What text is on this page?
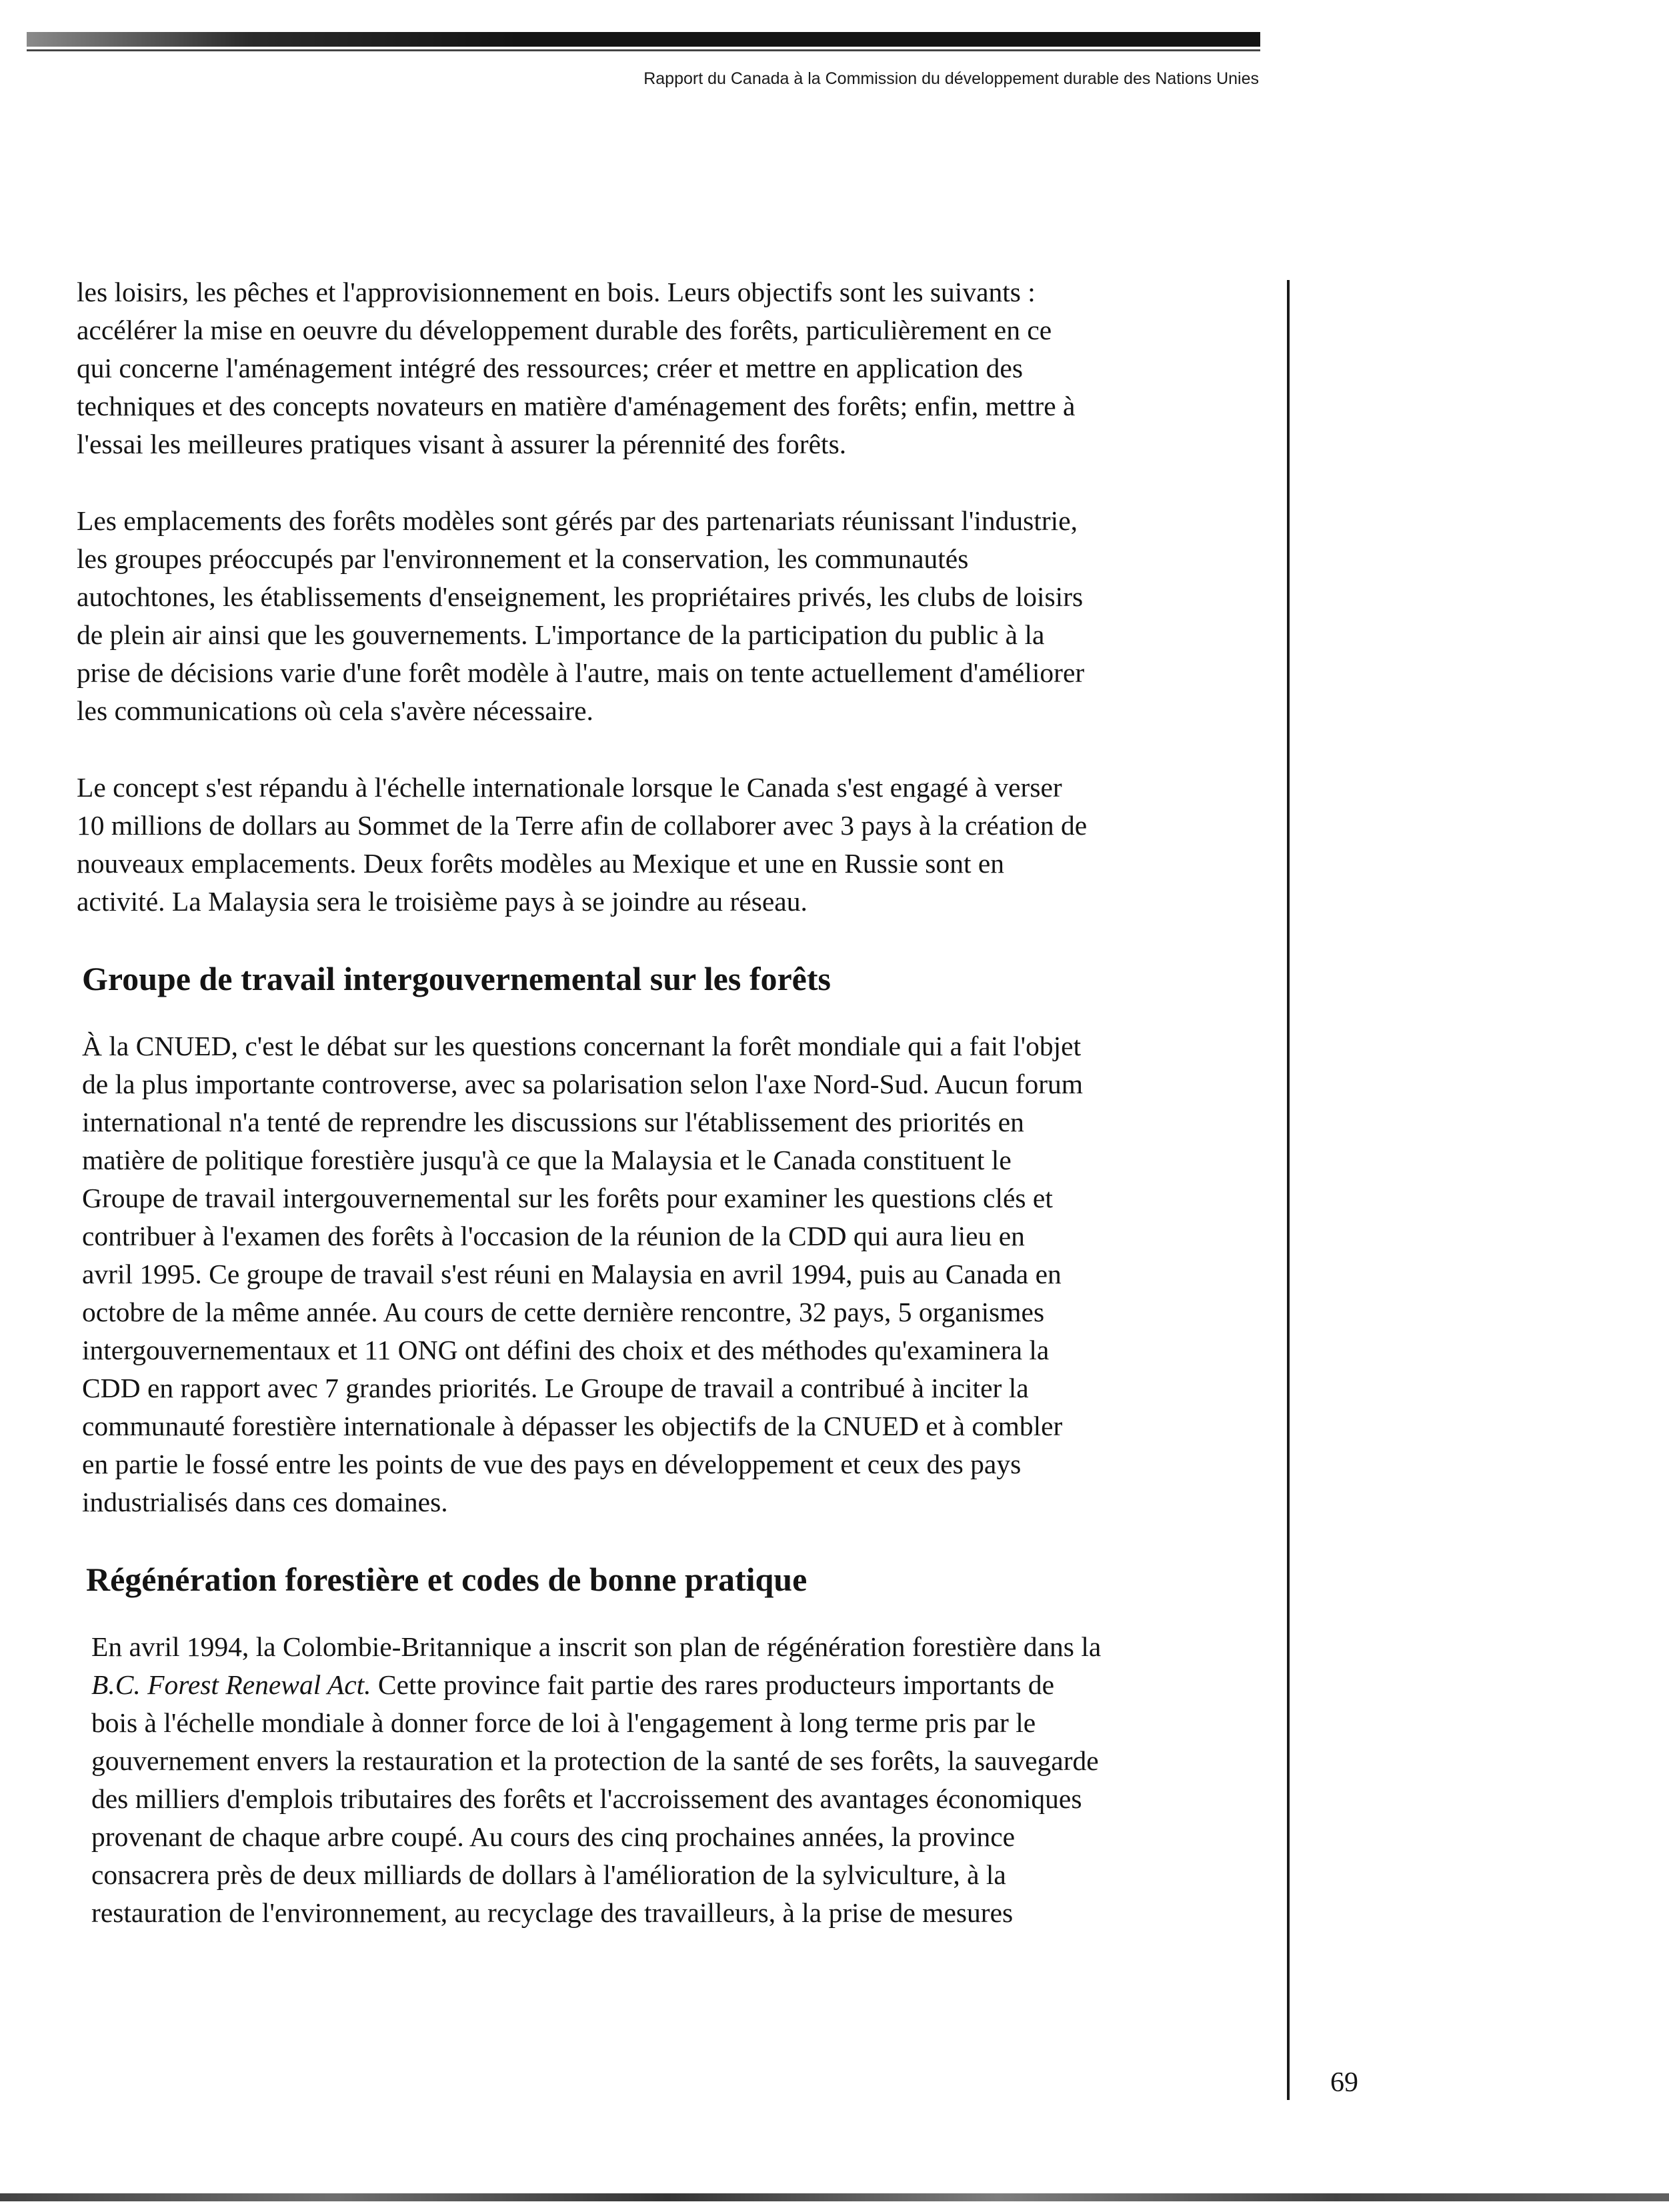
Rapport du Canada à la Commission du développement durable des Nations Unies
les loisirs, les pêches et l'approvisionnement en bois. Leurs objectifs sont les suivants :
accélérer la mise en oeuvre du développement durable des forêts, particulièrement en ce
qui concerne l'aménagement intégré des ressources; créer et mettre en application des
techniques et des concepts novateurs en matière d'aménagement des forêts; enfin, mettre à
l'essai les meilleures pratiques visant à assurer la pérennité des forêts.
Les emplacements des forêts modèles sont gérés par des partenariats réunissant l'industrie,
les groupes préoccupés par l'environnement et la conservation, les communautés
autochtones, les établissements d'enseignement, les propriétaires privés, les clubs de loisirs
de plein air ainsi que les gouvernements. L'importance de la participation du public à la
prise de décisions varie d'une forêt modèle à l'autre, mais on tente actuellement d'améliorer
les communications où cela s'avère nécessaire.
Le concept s'est répandu à l'échelle internationale lorsque le Canada s'est engagé à verser
10 millions de dollars au Sommet de la Terre afin de collaborer avec 3 pays à la création de
nouveaux emplacements. Deux forêts modèles au Mexique et une en Russie sont en
activité. La Malaysia sera le troisième pays à se joindre au réseau.
Groupe de travail intergouvernemental sur les forêts
À la CNUED, c'est le débat sur les questions concernant la forêt mondiale qui a fait l'objet
de la plus importante controverse, avec sa polarisation selon l'axe Nord-Sud. Aucun forum
international n'a tenté de reprendre les discussions sur l'établissement des priorités en
matière de politique forestière jusqu'à ce que la Malaysia et le Canada constituent le
Groupe de travail intergouvernemental sur les forêts pour examiner les questions clés et
contribuer à l'examen des forêts à l'occasion de la réunion de la CDD qui aura lieu en
avril 1995. Ce groupe de travail s'est réuni en Malaysia en avril 1994, puis au Canada en
octobre de la même année. Au cours de cette dernière rencontre, 32 pays, 5 organismes
intergouvernementaux et 11 ONG ont défini des choix et des méthodes qu'examinera la
CDD en rapport avec 7 grandes priorités. Le Groupe de travail a contribué à inciter la
communauté forestière internationale à dépasser les objectifs de la CNUED et à combler
en partie le fossé entre les points de vue des pays en développement et ceux des pays
industrialisés dans ces domaines.
Régénération forestière et codes de bonne pratique
En avril 1994, la Colombie-Britannique a inscrit son plan de régénération forestière dans la
B.C. Forest Renewal Act. Cette province fait partie des rares producteurs importants de
bois à l'échelle mondiale à donner force de loi à l'engagement à long terme pris par le
gouvernement envers la restauration et la protection de la santé de ses forêts, la sauvegarde
des milliers d'emplois tributaires des forêts et l'accroissement des avantages économiques
provenant de chaque arbre coupé. Au cours des cinq prochaines années, la province
consacrera près de deux milliards de dollars à l'amélioration de la sylviculture, à la
restauration de l'environnement, au recyclage des travailleurs, à la prise de mesures
69
